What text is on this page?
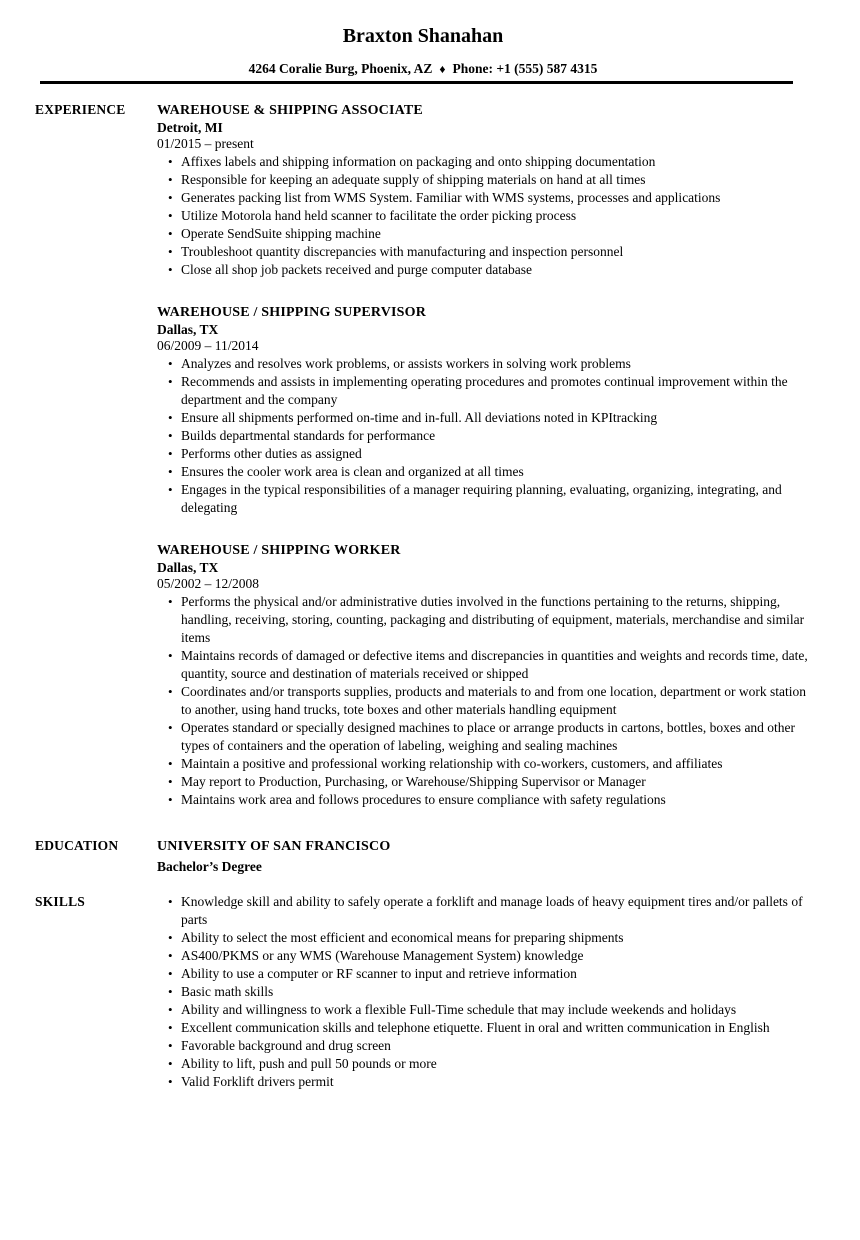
Braxton Shanahan
4264 Coralie Burg, Phoenix, AZ ♦ Phone: +1 (555) 587 4315
EXPERIENCE	WAREHOUSE & SHIPPING ASSOCIATE
Detroit, MI
01/2015 – present
• Affixes labels and shipping information on packaging and onto shipping documentation
• Responsible for keeping an adequate supply of shipping materials on hand at all times
• Generates packing list from WMS System. Familiar with WMS systems, processes and applications
• Utilize Motorola hand held scanner to facilitate the order picking process
• Operate SendSuite shipping machine
• Troubleshoot quantity discrepancies with manufacturing and inspection personnel
• Close all shop job packets received and purge computer database
WAREHOUSE / SHIPPING SUPERVISOR
Dallas, TX
06/2009 – 11/2014
• Analyzes and resolves work problems, or assists workers in solving work problems
• Recommends and assists in implementing operating procedures and promotes continual improvement within the department and the company
• Ensure all shipments performed on-time and in-full. All deviations noted in KPItracking
• Builds departmental standards for performance
• Performs other duties as assigned
• Ensures the cooler work area is clean and organized at all times
• Engages in the typical responsibilities of a manager requiring planning, evaluating, organizing, integrating, and delegating
WAREHOUSE / SHIPPING WORKER
Dallas, TX
05/2002 – 12/2008
• Performs the physical and/or administrative duties involved in the functions pertaining to the returns, shipping, handling, receiving, storing, counting, packaging and distributing of equipment, materials, merchandise and similar items
• Maintains records of damaged or defective items and discrepancies in quantities and weights and records time, date, quantity, source and destination of materials received or shipped
• Coordinates and/or transports supplies, products and materials to and from one location, department or work station to another, using hand trucks, tote boxes and other materials handling equipment
• Operates standard or specially designed machines to place or arrange products in cartons, bottles, boxes and other types of containers and the operation of labeling, weighing and sealing machines
• Maintain a positive and professional working relationship with co-workers, customers, and affiliates
• May report to Production, Purchasing, or Warehouse/Shipping Supervisor or Manager
• Maintains work area and follows procedures to ensure compliance with safety regulations
EDUCATION	UNIVERSITY OF SAN FRANCISCO
Bachelor’s Degree
SKILLS	• Knowledge skill and ability to safely operate a forklift and manage loads of heavy equipment tires and/or pallets of parts
• Ability to select the most efficient and economical means for preparing shipments
• AS400/PKMS or any WMS (Warehouse Management System) knowledge
• Ability to use a computer or RF scanner to input and retrieve information
• Basic math skills
• Ability and willingness to work a flexible Full-Time schedule that may include weekends and holidays
• Excellent communication skills and telephone etiquette. Fluent in oral and written communication in English
• Favorable background and drug screen
• Ability to lift, push and pull 50 pounds or more
• Valid Forklift drivers permit
